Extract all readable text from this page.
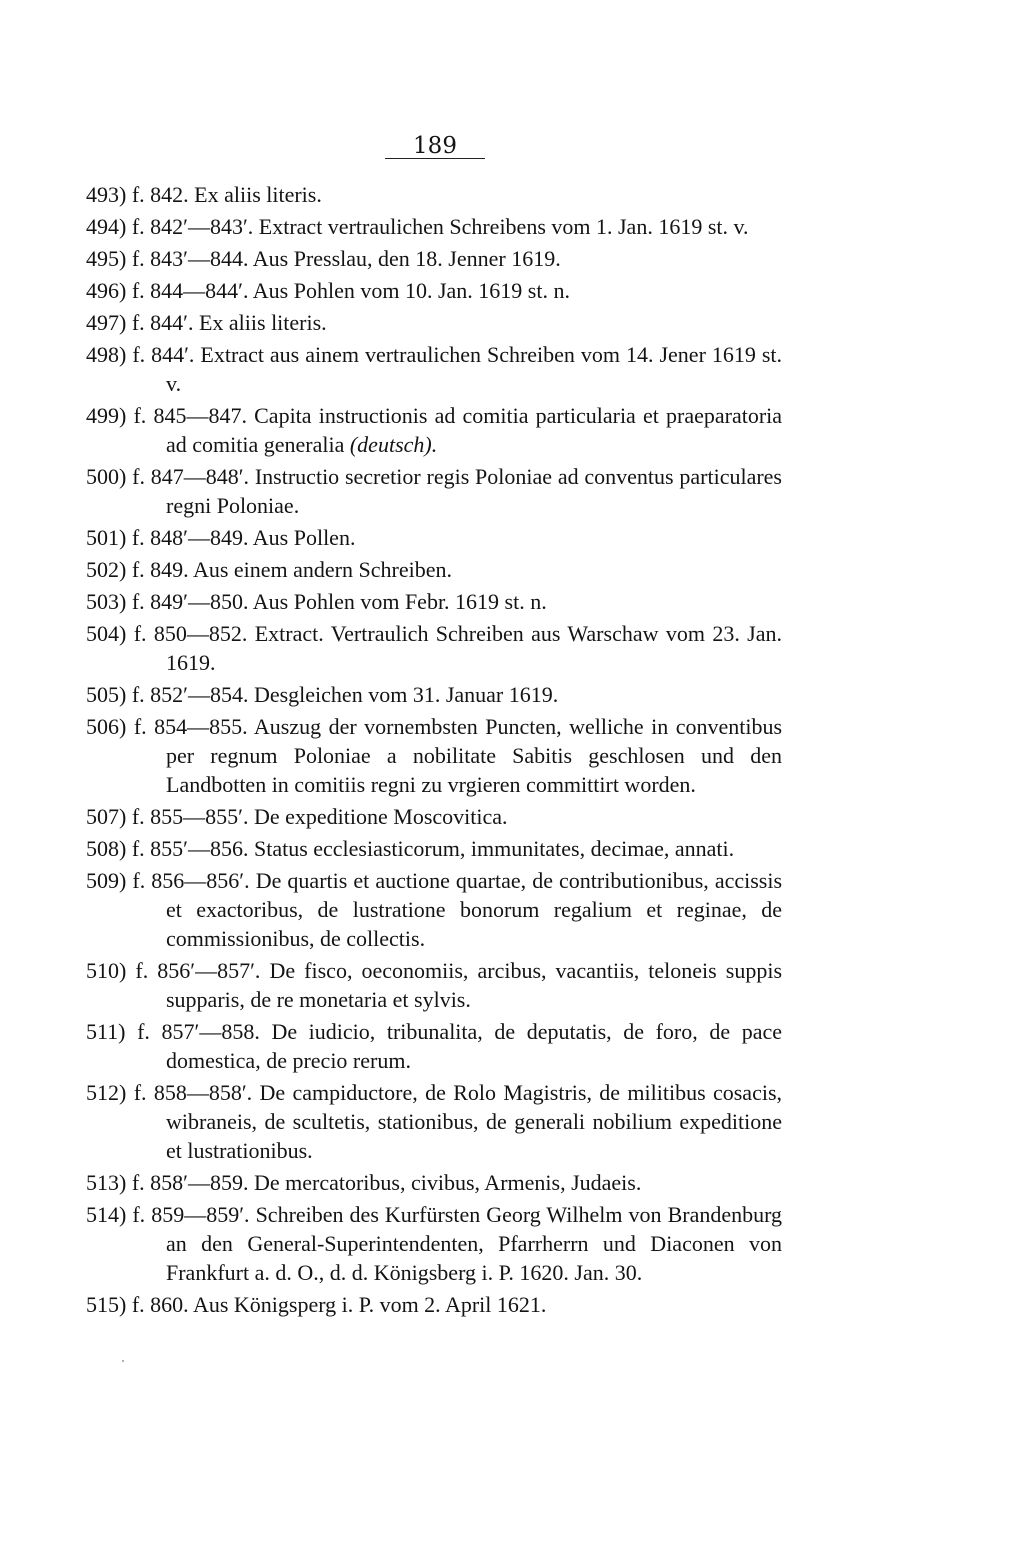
189
493) f. 842. Ex aliis literis.
494) f. 842′—843′. Extract vertraulichen Schreibens vom 1. Jan. 1619 st. v.
495) f. 843′—844. Aus Presslau, den 18. Jenner 1619.
496) f. 844—844′. Aus Pohlen vom 10. Jan. 1619 st. n.
497) f. 844′. Ex aliis literis.
498) f. 844′. Extract aus ainem vertraulichen Schreiben vom 14. Jener 1619 st. v.
499) f. 845—847. Capita instructionis ad comitia particularia et praeparatoria ad comitia generalia (deutsch).
500) f. 847—848′. Instructio secretior regis Poloniae ad conventus particulares regni Poloniae.
501) f. 848′—849. Aus Pollen.
502) f. 849. Aus einem andern Schreiben.
503) f. 849′—850. Aus Pohlen vom Febr. 1619 st. n.
504) f. 850—852. Extract. Vertraulich Schreiben aus Warschaw vom 23. Jan. 1619.
505) f. 852′—854. Desgleichen vom 31. Januar 1619.
506) f. 854—855. Auszug der vornembsten Puncten, welliche in conventibus per regnum Poloniae a nobilitate Sabitis geschlosen und den Landbotten in comitiis regni zu vrgieren committirt worden.
507) f. 855—855′. De expeditione Moscovitica.
508) f. 855′—856. Status ecclesiasticorum, immunitates, decimae, annati.
509) f. 856—856′. De quartis et auctione quartae, de contributionibus, accissis et exactoribus, de lustratione bonorum regalium et reginae, de commissionibus, de collectis.
510) f. 856′—857′. De fisco, oeconomiis, arcibus, vacantiis, teloneis suppis supparis, de re monetaria et sylvis.
511) f. 857′—858. De iudicio, tribunalita, de deputatis, de foro, de pace domestica, de precio rerum.
512) f. 858—858′. De campiductore, de Rolo Magistris, de militibus cosacis, wibraneis, de scultetis, stationibus, de generali nobilium expeditione et lustrationibus.
513) f. 858′—859. De mercatoribus, civibus, Armenis, Judaeis.
514) f. 859—859′. Schreiben des Kurfürsten Georg Wilhelm von Brandenburg an den General-Superintendenten, Pfarrherrn und Diaconen von Frankfurt a. d. O., d. d. Königsberg i. P. 1620. Jan. 30.
515) f. 860. Aus Königsperg i. P. vom 2. April 1621.
